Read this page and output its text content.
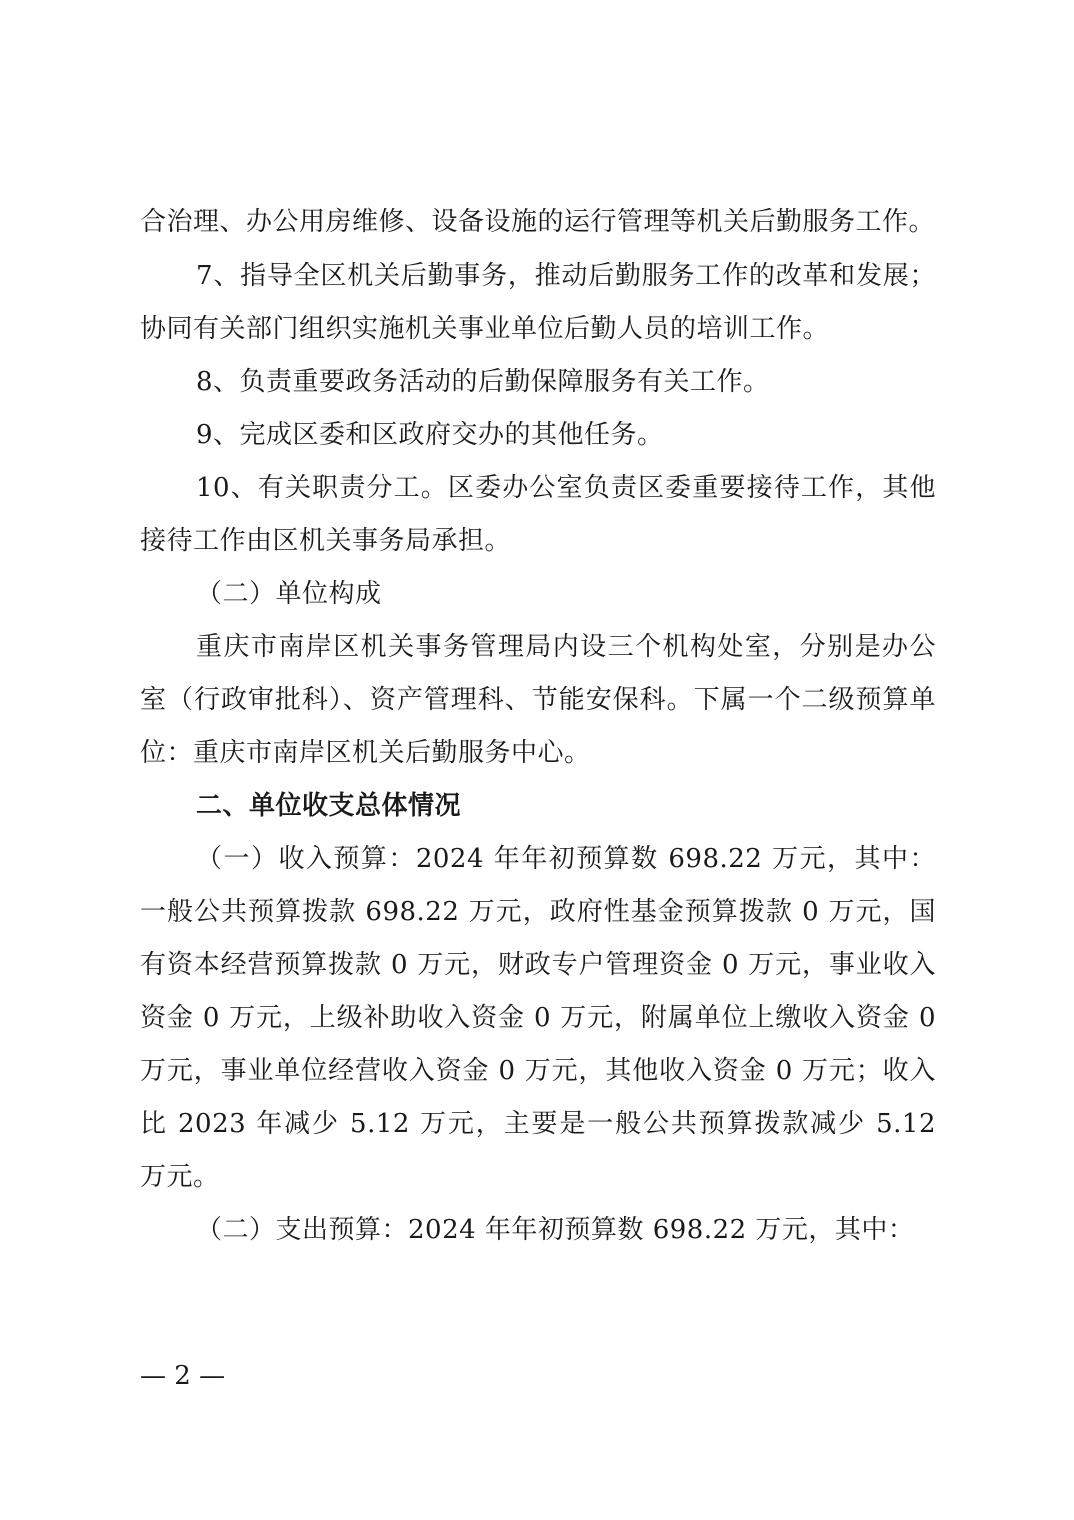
合治理、办公用房维修、设备设施的运行管理等机关后勤服务工作。

7、指导全区机关后勤事务，推动后勤服务工作的改革和发展；协同有关部门组织实施机关事业单位后勤人员的培训工作。

8、负责重要政务活动的后勤保障服务有关工作。

9、完成区委和区政府交办的其他任务。

10、有关职责分工。区委办公室负责区委重要接待工作，其他接待工作由区机关事务局承担。

（二）单位构成

重庆市南岸区机关事务管理局内设三个机构处室，分别是办公室（行政审批科）、资产管理科、节能安保科。下属一个二级预算单位：重庆市南岸区机关后勤服务中心。

二、单位收支总体情况

（一）收入预算：2024 年年初预算数 698.22 万元，其中：一般公共预算拨款 698.22 万元，政府性基金预算拨款 0 万元，国有资本经营预算拨款 0 万元，财政专户管理资金 0 万元，事业收入资金 0 万元，上级补助收入资金 0 万元，附属单位上缴收入资金 0 万元，事业单位经营收入资金 0 万元，其他收入资金 0 万元；收入比 2023 年减少 5.12 万元，主要是一般公共预算拨款减少 5.12 万元。

（二）支出预算：2024 年年初预算数 698.22 万元，其中：

— 2 —
